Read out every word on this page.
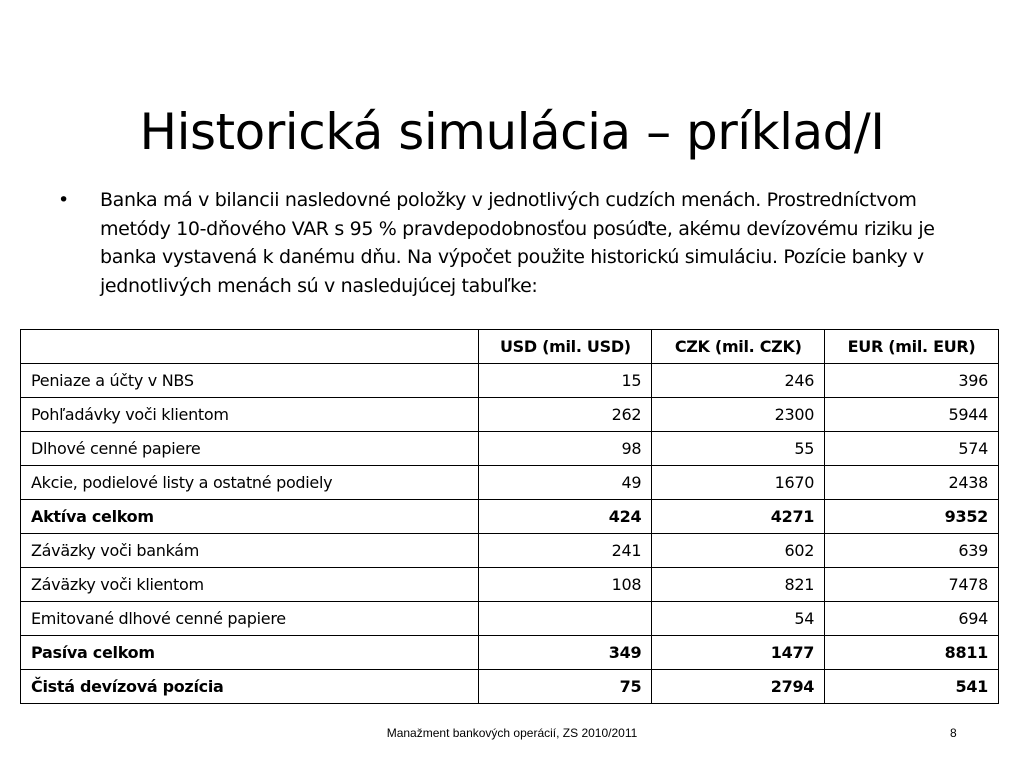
Historická simulácia – príklad/I
• Banka má v bilancii nasledovné položky v jednotlivých cudzích menách. Prostredníctvom metódy 10-dňového VAR s 95 % pravdepodobnosťou posúďte, akému devízovému riziku je banka vystavená k danému dňu. Na výpočet použite historickú simuláciu. Pozície banky v jednotlivých menách sú v nasledujúcej tabuľke:
	USD (mil. USD)	CZK (mil. CZK)	EUR (mil. EUR)
Peniaze a účty v NBS	15	246	396
Pohľadávky voči klientom	262	2300	5944
Dlhové cenné papiere	98	55	574
Akcie, podielové listy a ostatné podiely	49	1670	2438
Aktíva celkom	424	4271	9352
Záväzky voči bankám	241	602	639
Záväzky voči klientom	108	821	7478
Emitované dlhové cenné papiere		54	694
Pasíva celkom	349	1477	8811
Čistá devízová pozícia	75	2794	541
Manažment bankových operácií, ZS 2010/2011	8
